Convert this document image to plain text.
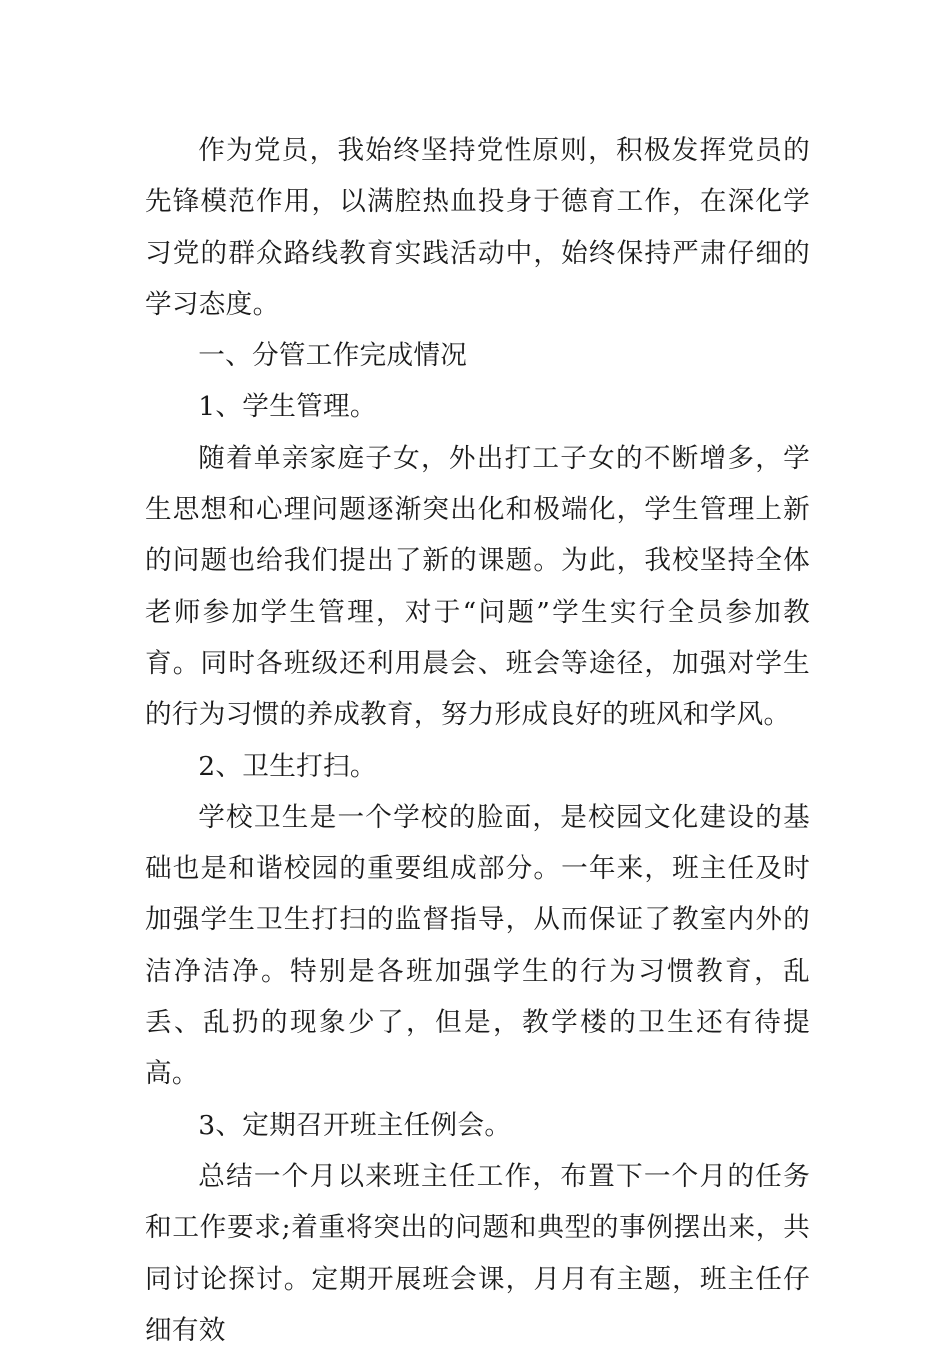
作为党员，我始终坚持党性原则，积极发挥党员的先锋模范作用，以满腔热血投身于德育工作，在深化学习党的群众路线教育实践活动中，始终保持严肃仔细的学习态度。

一、分管工作完成情况

1、学生管理。

随着单亲家庭子女，外出打工子女的不断增多，学生思想和心理问题逐渐突出化和极端化，学生管理上新的问题也给我们提出了新的课题。为此，我校坚持全体老师参加学生管理，对于“问题”学生实行全员参加教育。同时各班级还利用晨会、班会等途径，加强对学生的行为习惯的养成教育，努力形成良好的班风和学风。

2、卫生打扫。

学校卫生是一个学校的脸面，是校园文化建设的基础也是和谐校园的重要组成部分。一年来，班主任及时加强学生卫生打扫的监督指导，从而保证了教室内外的洁净洁净。特别是各班加强学生的行为习惯教育，乱丢、乱扔的现象少了，但是，教学楼的卫生还有待提高。

3、定期召开班主任例会。

总结一个月以来班主任工作，布置下一个月的任务和工作要求;着重将突出的问题和典型的事例摆出来，共同讨论探讨。定期开展班会课，月月有主题，班主任仔细有效
